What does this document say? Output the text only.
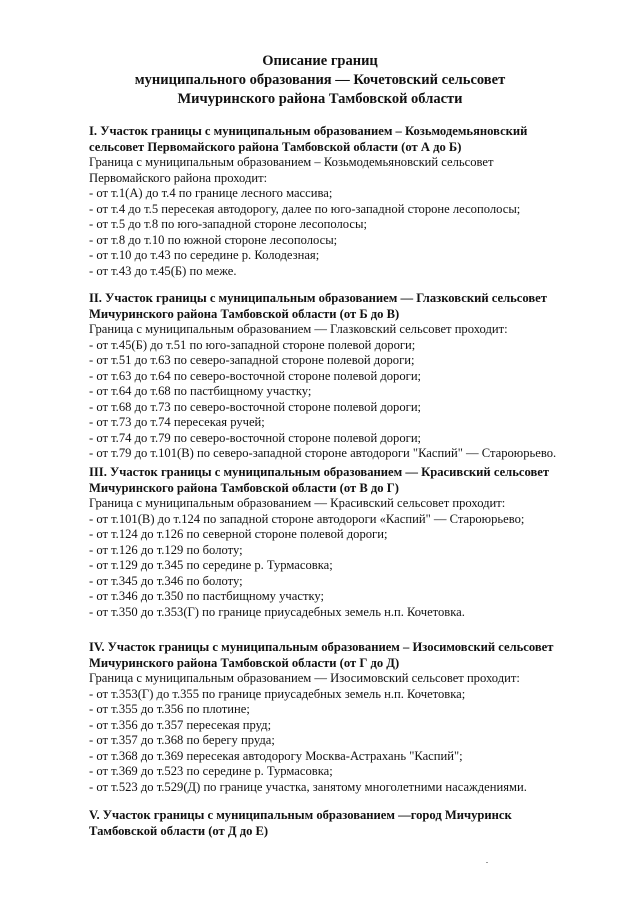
Описание границ
муниципального образования — Кочетовский сельсовет
Мичуринского района Тамбовской области
I. Участок границы с муниципальным образованием – Козьмодемьяновский
сельсовет Первомайского района Тамбовской области (от А до Б)
Граница с муниципальным образованием – Козьмодемьяновский сельсовет
Первомайского района проходит:
- от т.1(А) до т.4 по границе лесного массива;
- от т.4 до т.5 пересекая автодорогу, далее по юго-западной стороне лесополосы;
- от т.5 до т.8 по юго-западной стороне лесополосы;
- от т.8 до т.10 по южной стороне лесополосы;
- от т.10 до т.43 по середине р. Колодезная;
- от т.43 до т.45(Б) по меже.
II. Участок границы с муниципальным образованием — Глазковский сельсовет
Мичуринского района Тамбовской области (от Б до В)
Граница с муниципальным образованием — Глазковский сельсовет проходит:
- от т.45(Б) до т.51 по юго-западной стороне полевой дороги;
- от т.51 до т.63 по северо-западной стороне полевой дороги;
- от т.63 до т.64 по северо-восточной стороне полевой дороги;
- от т.64 до т.68 по пастбищному участку;
- от т.68 до т.73 по северо-восточной стороне полевой дороги;
- от т.73 до т.74 пересекая ручей;
- от т.74 до т.79 по северо-восточной стороне полевой дороги;
- от т.79 до т.101(В) по северо-западной стороне автодороги "Каспий" — Староюрьево.
III. Участок границы с муниципальным образованием — Красивский сельсовет
Мичуринского района Тамбовской области (от В до Г)
Граница с муниципальным образованием — Красивский сельсовет проходит:
- от т.101(В) до т.124 по западной стороне автодороги «Каспий" — Староюрьево;
- от т.124 до т.126 по северной стороне полевой дороги;
- от т.126 до т.129 по болоту;
- от т.129 до т.345 по середине р. Турмасовка;
- от т.345 до т.346 по болоту;
- от т.346 до т.350 по пастбищному участку;
- от т.350 до т.353(Г) по границе приусадебных земель н.п. Кочетовка.
IV. Участок границы с муниципальным образованием – Изосимовский сельсовет
Мичуринского района Тамбовской области (от Г до Д)
Граница с муниципальным образованием — Изосимовский сельсовет проходит:
- от т.353(Г) до т.355 по границе приусадебных земель н.п. Кочетовка;
- от т.355 до т.356 по плотине;
- от т.356 до т.357 пересекая пруд;
- от т.357 до т.368 по берегу пруда;
- от т.368 до т.369 пересекая автодорогу Москва-Астрахань "Каспий";
- от т.369 до т.523 по середине р. Турмасовка;
- от т.523 до т.529(Д) по границе участка, занятому многолетними насаждениями.
V. Участок границы с муниципальным образованием —город Мичуринск
Тамбовской области (от Д до Е)
